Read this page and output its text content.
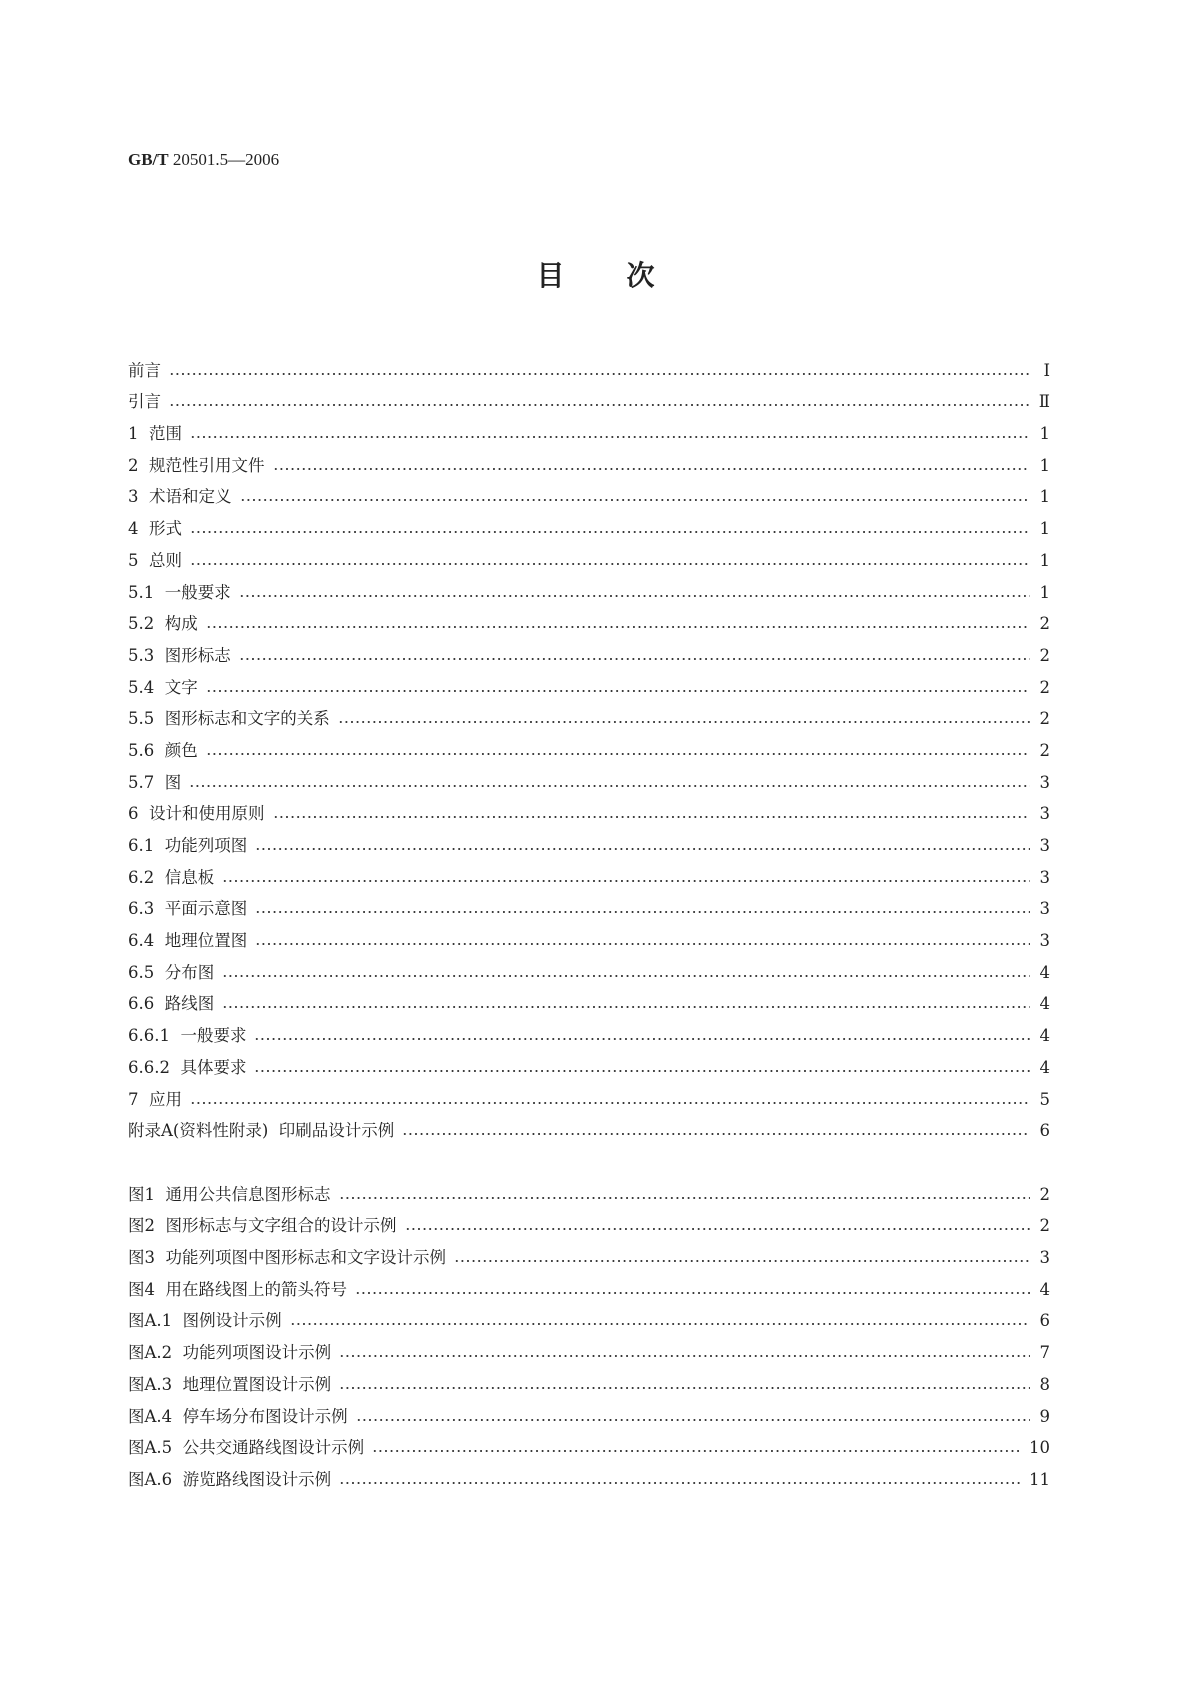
GB/T 20501.5—2006
目次
前言	Ⅰ
引言	Ⅱ
1  范围	1
2  规范性引用文件	1
3  术语和定义	1
4  形式	1
5  总则	1
5.1  一般要求	1
5.2  构成	2
5.3  图形标志	2
5.4  文字	2
5.5  图形标志和文字的关系	2
5.6  颜色	2
5.7  图	3
6  设计和使用原则	3
6.1  功能列项图	3
6.2  信息板	3
6.3  平面示意图	3
6.4  地理位置图	3
6.5  分布图	4
6.6  路线图	4
6.6.1  一般要求	4
6.6.2  具体要求	4
7  应用	5
附录A(资料性附录)  印刷品设计示例	6
图1  通用公共信息图形标志	2
图2  图形标志与文字组合的设计示例	2
图3  功能列项图中图形标志和文字设计示例	3
图4  用在路线图上的箭头符号	4
图A.1  图例设计示例	6
图A.2  功能列项图设计示例	7
图A.3  地理位置图设计示例	8
图A.4  停车场分布图设计示例	9
图A.5  公共交通路线图设计示例	10
图A.6  游览路线图设计示例	11
